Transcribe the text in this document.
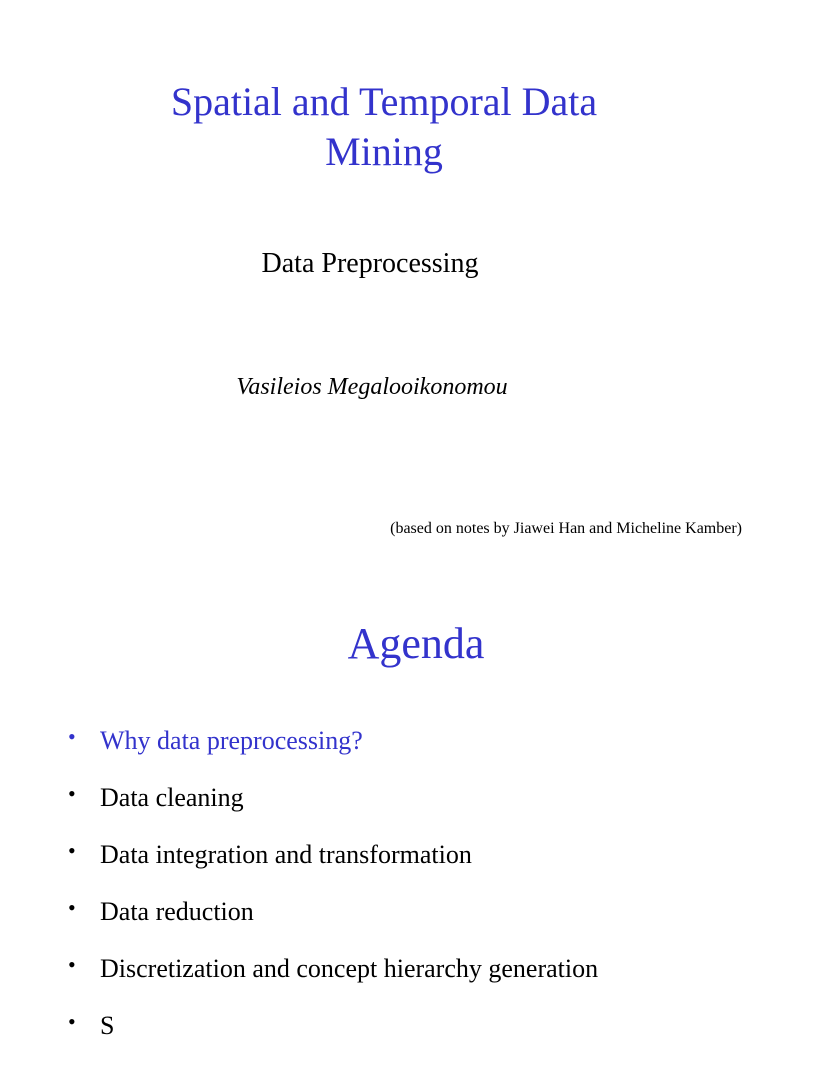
Spatial and Temporal Data
Mining
Data Preprocessing
Vasileios Megalooikonomou
(based on notes by Jiawei Han and Micheline Kamber)
Agenda
• Why data preprocessing?
• Data cleaning
• Data integration and transformation
• Data reduction
• Discretization and concept hierarchy generation
• S
